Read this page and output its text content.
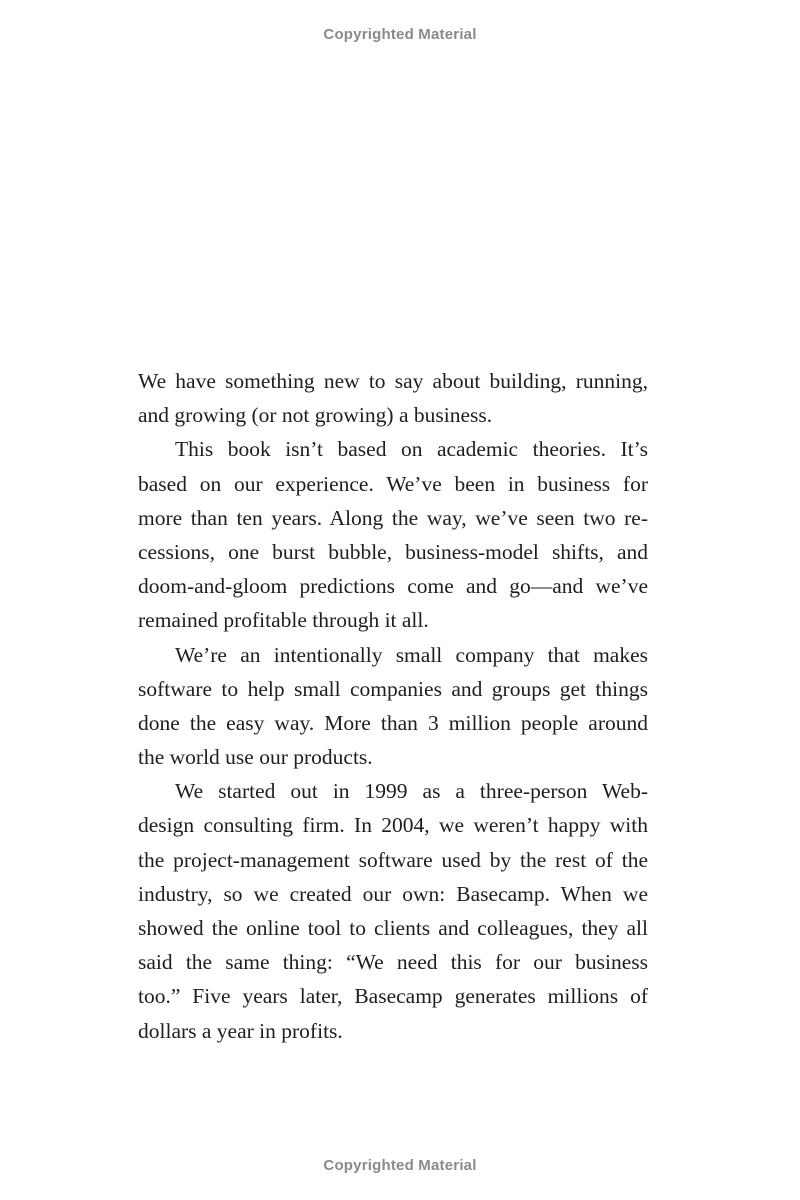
Copyrighted Material
We have something new to say about building, running,
and growing (or not growing) a business.
This book isn’t based on academic theories. It’s
based on our experience. We’ve been in business for
more than ten years. Along the way, we’ve seen two re-
cessions, one burst bubble, business-model shifts, and
doom-and-gloom predictions come and go—and we’ve
remained profitable through it all.
We’re an intentionally small company that makes
software to help small companies and groups get things
done the easy way. More than 3 million people around
the world use our products.
We started out in 1999 as a three-person Web-
design consulting firm. In 2004, we weren’t happy with
the project-management software used by the rest of the
industry, so we created our own: Basecamp. When we
showed the online tool to clients and colleagues, they all
said the same thing: “We need this for our business
too.” Five years later, Basecamp generates millions of
dollars a year in profits.
Copyrighted Material
